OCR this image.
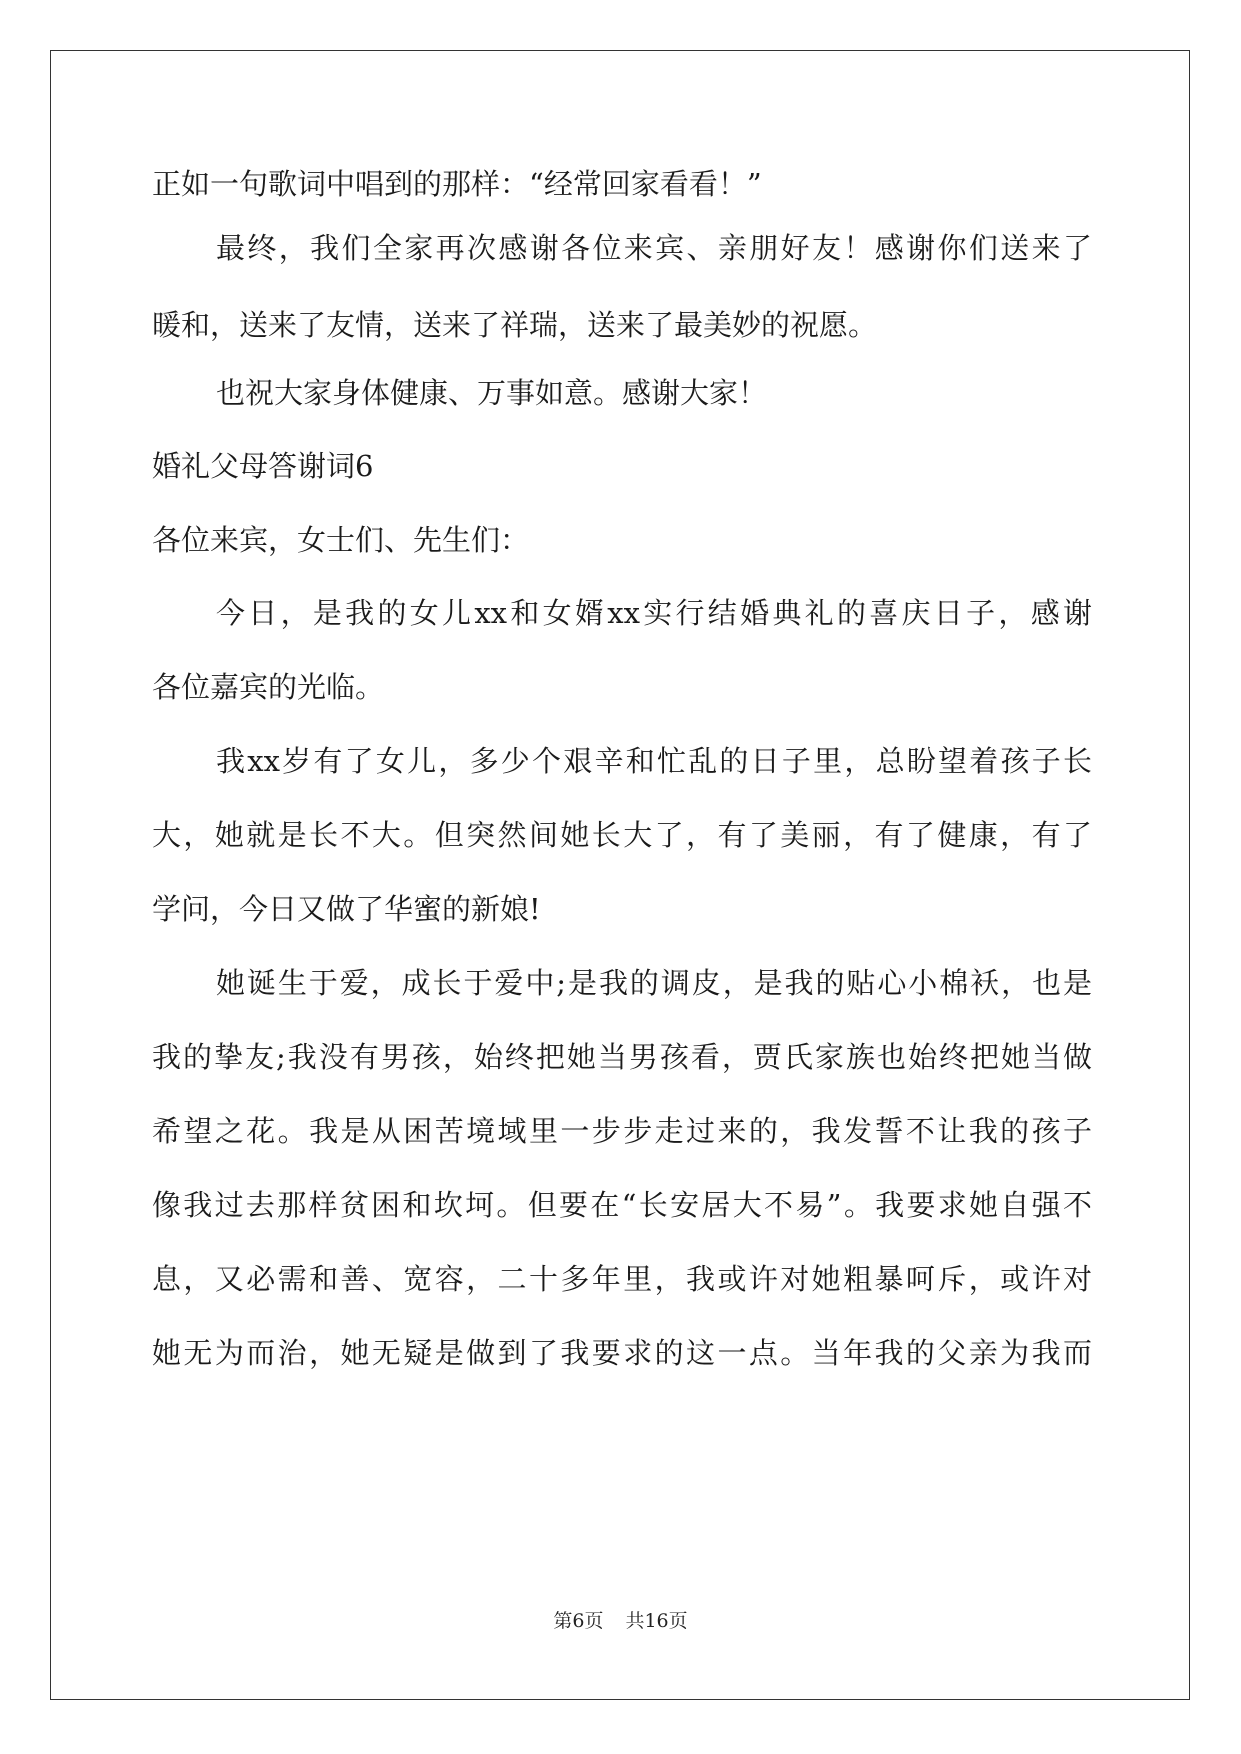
正如一句歌词中唱到的那样：“经常回家看看！”
最终，我们全家再次感谢各位来宾、亲朋好友！感谢你们送来了
暖和，送来了友情，送来了祥瑞，送来了最美妙的祝愿。
也祝大家身体健康、万事如意。感谢大家！
婚礼父母答谢词6
各位来宾，女士们、先生们：
今日，是我的女儿xx和女婿xx实行结婚典礼的喜庆日子，感谢
各位嘉宾的光临。
我xx岁有了女儿，多少个艰辛和忙乱的日子里，总盼望着孩子长
大，她就是长不大。但突然间她长大了，有了美丽，有了健康，有了
学问，今日又做了华蜜的新娘!
她诞生于爱，成长于爱中;是我的调皮，是我的贴心小棉袄，也是
我的挚友;我没有男孩，始终把她当男孩看，贾氏家族也始终把她当做
希望之花。我是从困苦境域里一步步走过来的，我发誓不让我的孩子
像我过去那样贫困和坎坷。但要在“长安居大不易”。我要求她自强不
息，又必需和善、宽容，二十多年里，我或许对她粗暴呵斥，或许对
她无为而治，她无疑是做到了我要求的这一点。当年我的父亲为我而
第6页 共16页
